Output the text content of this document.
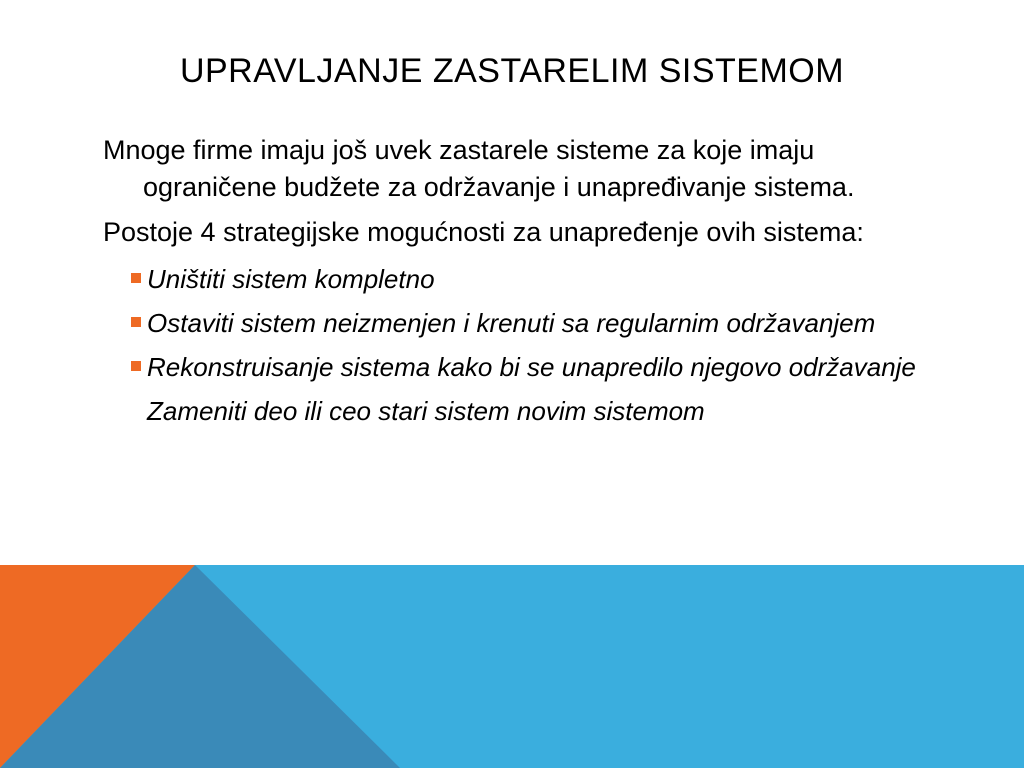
UPRAVLJANJE ZASTARELIM SISTEMOM

Mnoge firme imaju još uvek zastarele sisteme za koje imaju ograničene budžete za održavanje i unapređivanje sistema.

Postoje 4 strategijske mogućnosti za unapređenje ovih sistema:

Uništiti sistem kompletno
Ostaviti sistem neizmenjen i krenuti sa regularnim održavanjem
Rekonstruisanje sistema kako bi se unapredilo njegovo održavanje
Zameniti deo ili ceo stari sistem novim sistemom
